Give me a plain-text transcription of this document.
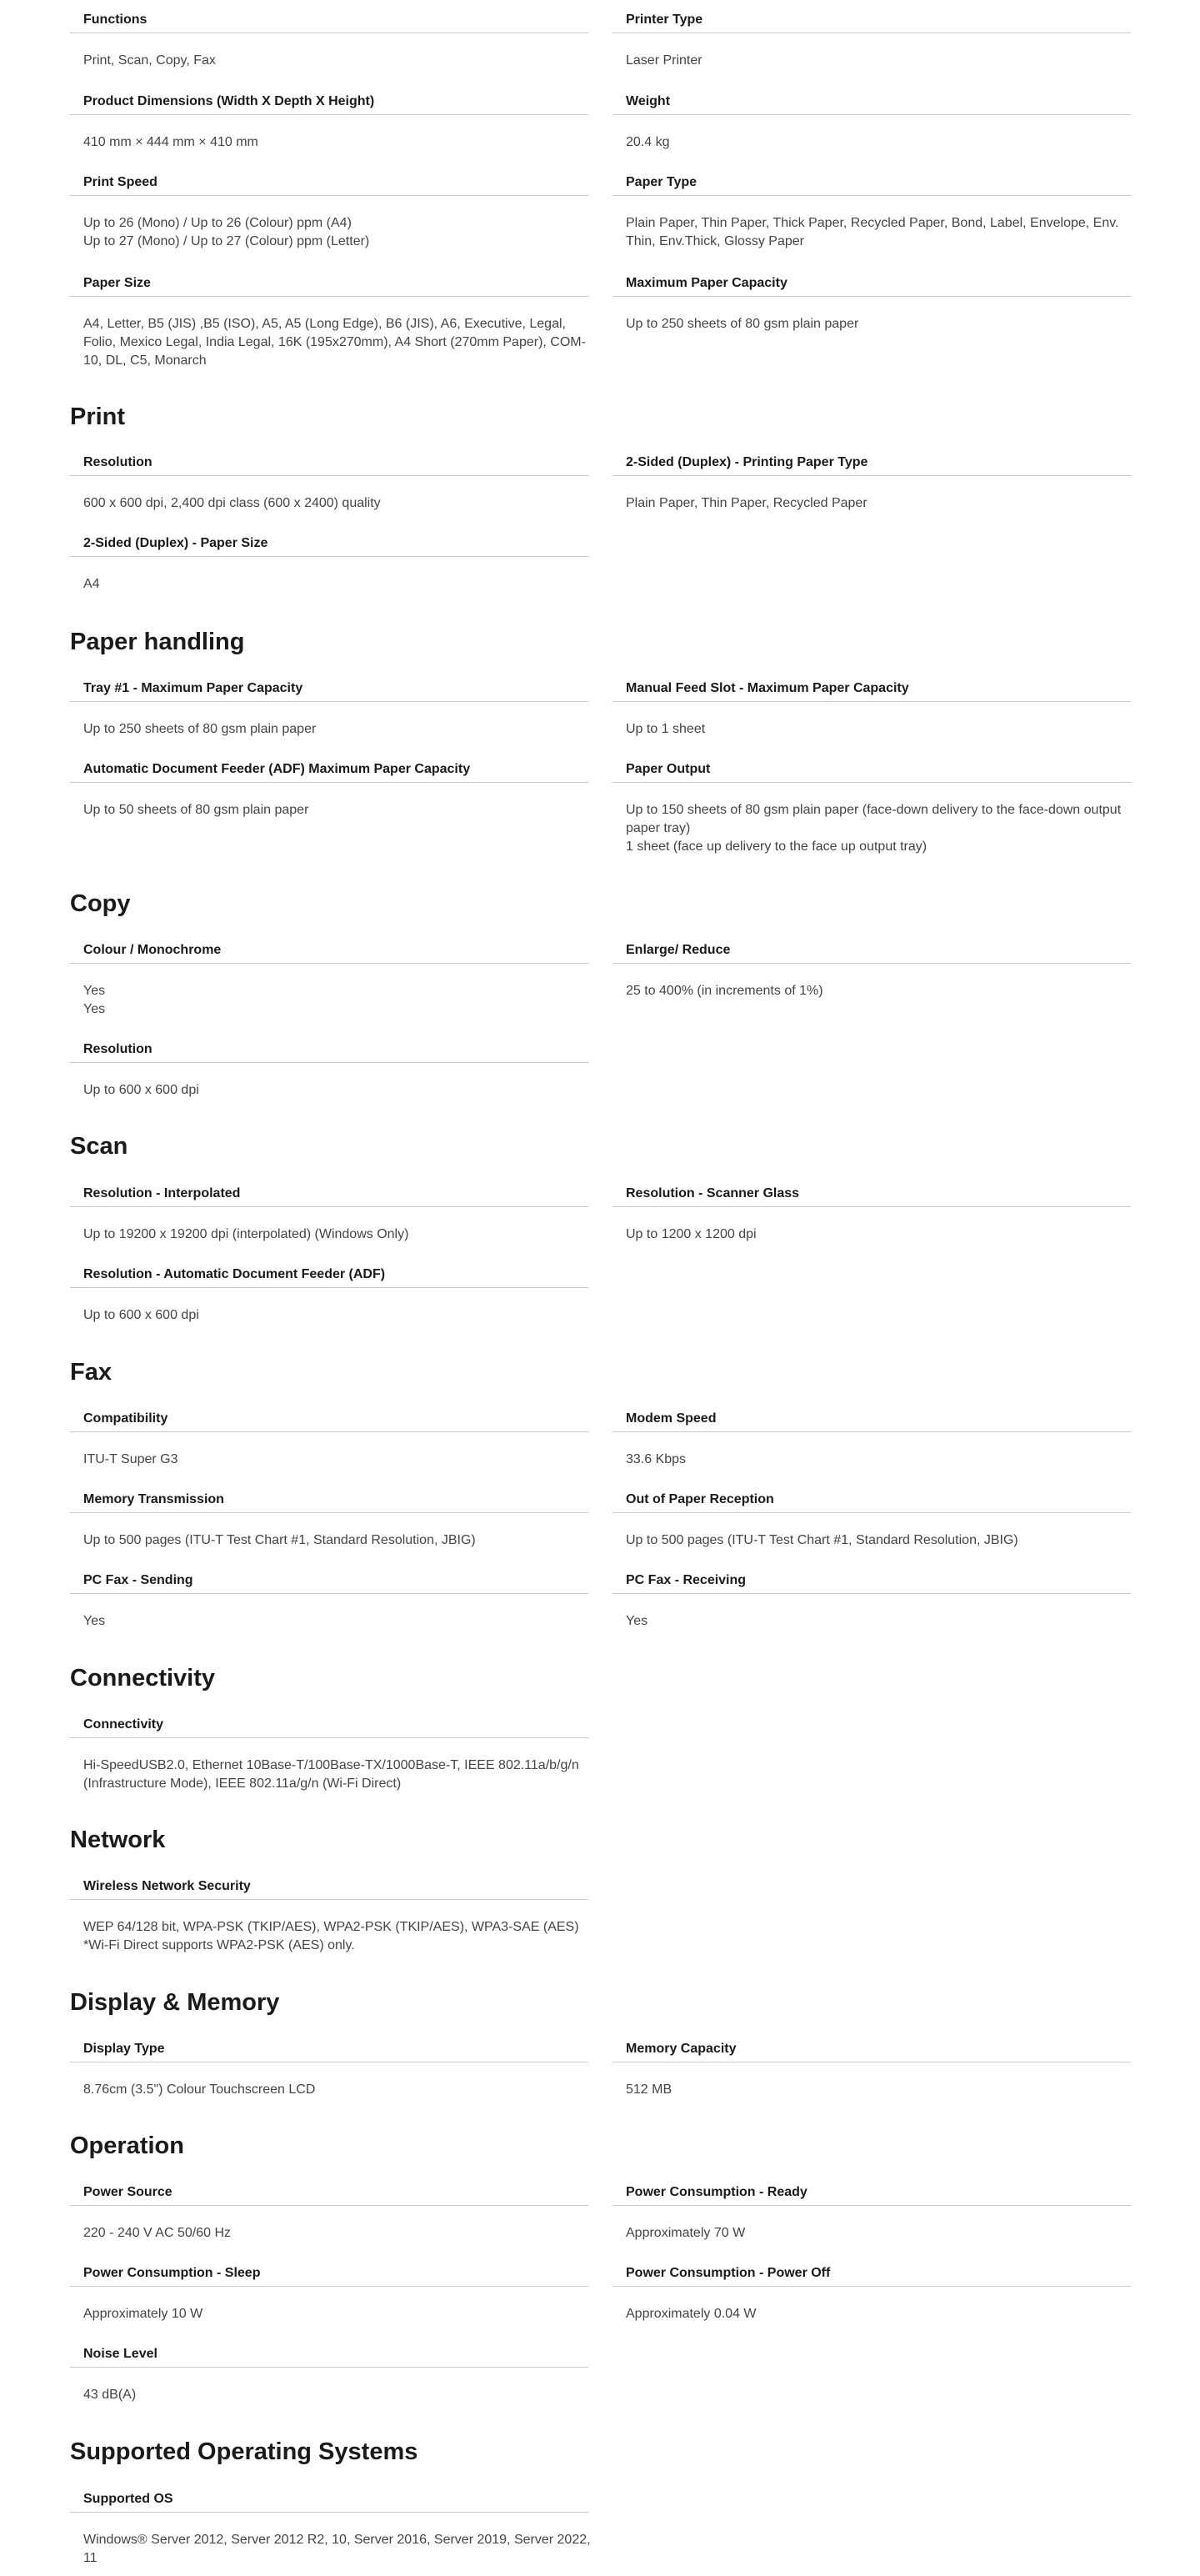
Functions
Print, Scan, Copy, Fax
Printer Type
Laser Printer
Product Dimensions (Width X Depth X Height)
410 mm × 444 mm × 410 mm
Weight
20.4 kg
Print Speed
Up to 26 (Mono) / Up to 26 (Colour) ppm (A4)
Up to 27 (Mono) / Up to 27 (Colour) ppm (Letter)
Paper Type
Plain Paper, Thin Paper, Thick Paper, Recycled Paper, Bond, Label, Envelope, Env. Thin, Env.Thick, Glossy Paper
Paper Size
A4, Letter, B5 (JIS) ,B5 (ISO), A5, A5 (Long Edge), B6 (JIS), A6, Executive, Legal, Folio, Mexico Legal, India Legal, 16K (195x270mm), A4 Short (270mm Paper), COM-10, DL, C5, Monarch
Maximum Paper Capacity
Up to 250 sheets of 80 gsm plain paper
Print
Resolution
600 x 600 dpi, 2,400 dpi class (600 x 2400) quality
2-Sided (Duplex) - Printing Paper Type
Plain Paper, Thin Paper, Recycled Paper
2-Sided (Duplex) - Paper Size
A4
Paper handling
Tray #1 - Maximum Paper Capacity
Up to 250 sheets of 80 gsm plain paper
Manual Feed Slot - Maximum Paper Capacity
Up to 1 sheet
Automatic Document Feeder (ADF) Maximum Paper Capacity
Up to 50 sheets of 80 gsm plain paper
Paper Output
Up to 150 sheets of 80 gsm plain paper (face-down delivery to the face-down output paper tray)
1 sheet (face up delivery to the face up output tray)
Copy
Colour / Monochrome
Yes
Yes
Enlarge/ Reduce
25 to 400% (in increments of 1%)
Resolution
Up to 600 x 600 dpi
Scan
Resolution - Interpolated
Up to 19200 x 19200 dpi (interpolated) (Windows Only)
Resolution - Scanner Glass
Up to 1200 x 1200 dpi
Resolution - Automatic Document Feeder (ADF)
Up to 600 x 600 dpi
Fax
Compatibility
ITU-T Super G3
Modem Speed
33.6 Kbps
Memory Transmission
Up to 500 pages (ITU-T Test Chart #1, Standard Resolution, JBIG)
Out of Paper Reception
Up to 500 pages (ITU-T Test Chart #1, Standard Resolution, JBIG)
PC Fax - Sending
Yes
PC Fax - Receiving
Yes
Connectivity
Connectivity
Hi-SpeedUSB2.0, Ethernet 10Base-T/100Base-TX/1000Base-T, IEEE 802.11a/b/g/n (Infrastructure Mode), IEEE 802.11a/g/n (Wi-Fi Direct)
Network
Wireless Network Security
WEP 64/128 bit, WPA-PSK (TKIP/AES), WPA2-PSK (TKIP/AES), WPA3-SAE (AES)
*Wi-Fi Direct supports WPA2-PSK (AES) only.
Display & Memory
Display Type
8.76cm (3.5") Colour Touchscreen LCD
Memory Capacity
512 MB
Operation
Power Source
220 - 240 V AC 50/60 Hz
Power Consumption - Ready
Approximately 70 W
Power Consumption - Sleep
Approximately 10 W
Power Consumption - Power Off
Approximately 0.04 W
Noise Level
43 dB(A)
Supported Operating Systems
Supported OS
Windows® Server 2012, Server 2012 R2, 10, Server 2016, Server 2019, Server 2022, 11
